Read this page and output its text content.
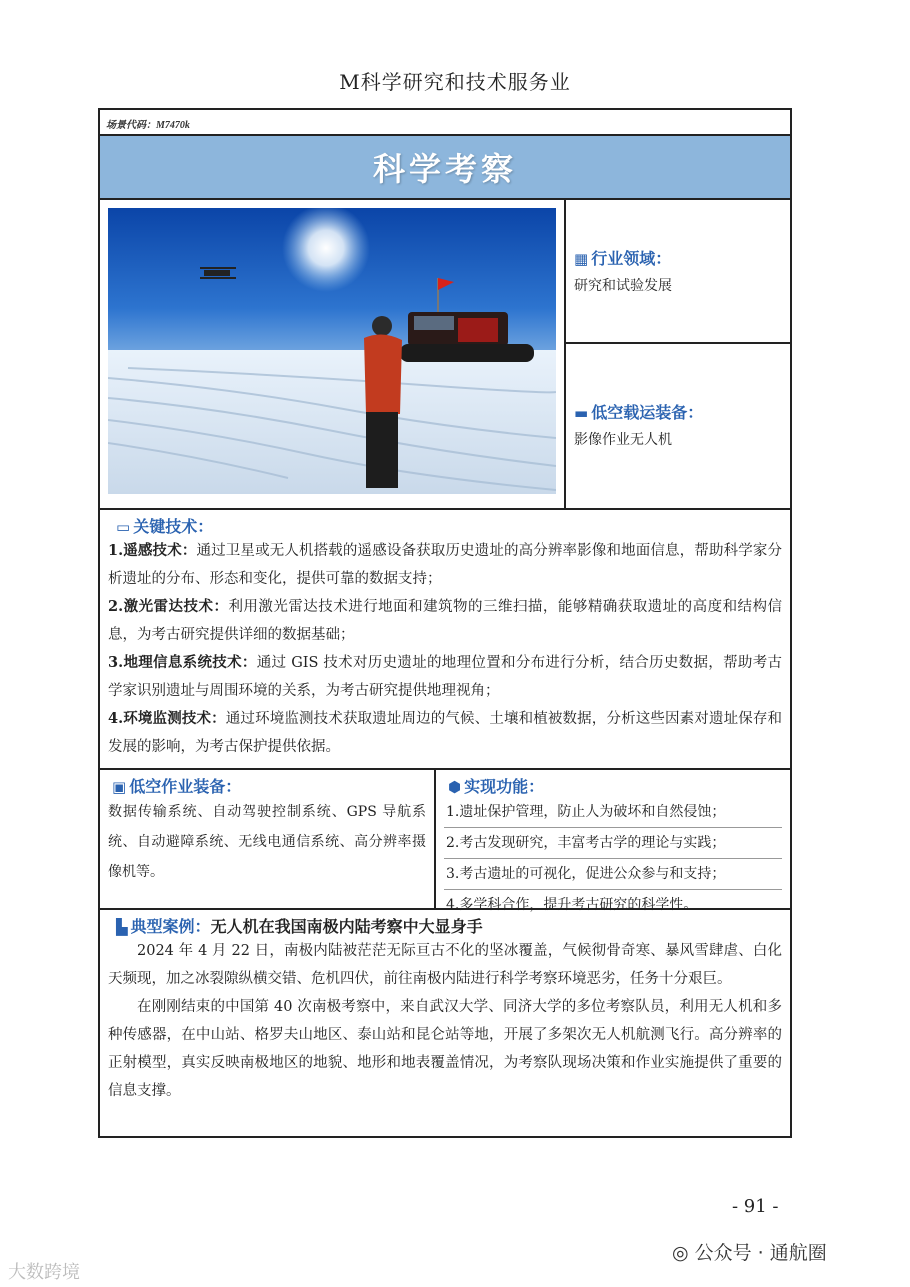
M科学研究和技术服务业
场景代码：M7470k
科学考察
▦ 行业领域：
研究和试验发展
▬ 低空载运装备：
影像作业无人机
▭ 关键技术：
1.遥感技术：通过卫星或无人机搭载的遥感设备获取历史遗址的高分辨率影像和地面信息，帮助科学家分析遗址的分布、形态和变化，提供可靠的数据支持；
2.激光雷达技术：利用激光雷达技术进行地面和建筑物的三维扫描，能够精确获取遗址的高度和结构信息，为考古研究提供详细的数据基础；
3.地理信息系统技术：通过 GIS 技术对历史遗址的地理位置和分布进行分析，结合历史数据，帮助考古学家识别遗址与周围环境的关系，为考古研究提供地理视角；
4.环境监测技术：通过环境监测技术获取遗址周边的气候、土壤和植被数据，分析这些因素对遗址保存和发展的影响，为考古保护提供依据。
▣ 低空作业装备：
数据传输系统、自动驾驶控制系统、GPS 导航系统、自动避障系统、无线电通信系统、高分辨率摄像机等。
⬢ 实现功能：
1.遗址保护管理，防止人为破坏和自然侵蚀；
2.考古发现研究，丰富考古学的理论与实践；
3.考古遗址的可视化，促进公众参与和支持；
4.多学科合作，提升考古研究的科学性。
▙ 典型案例：无人机在我国南极内陆考察中大显身手
2024 年 4 月 22 日，南极内陆被茫茫无际亘古不化的坚冰覆盖，气候彻骨奇寒、暴风雪肆虐、白化天频现，加之冰裂隙纵横交错、危机四伏，前往南极内陆进行科学考察环境恶劣，任务十分艰巨。
在刚刚结束的中国第 40 次南极考察中，来自武汉大学、同济大学的多位考察队员，利用无人机和多种传感器，在中山站、格罗夫山地区、泰山站和昆仑站等地，开展了多架次无人机航测飞行。高分辨率的正射模型，真实反映南极地区的地貌、地形和地表覆盖情况，为考察队现场决策和作业实施提供了重要的信息支撑。
- 91 -
◎ 公众号 · 通航圈
大数跨境
